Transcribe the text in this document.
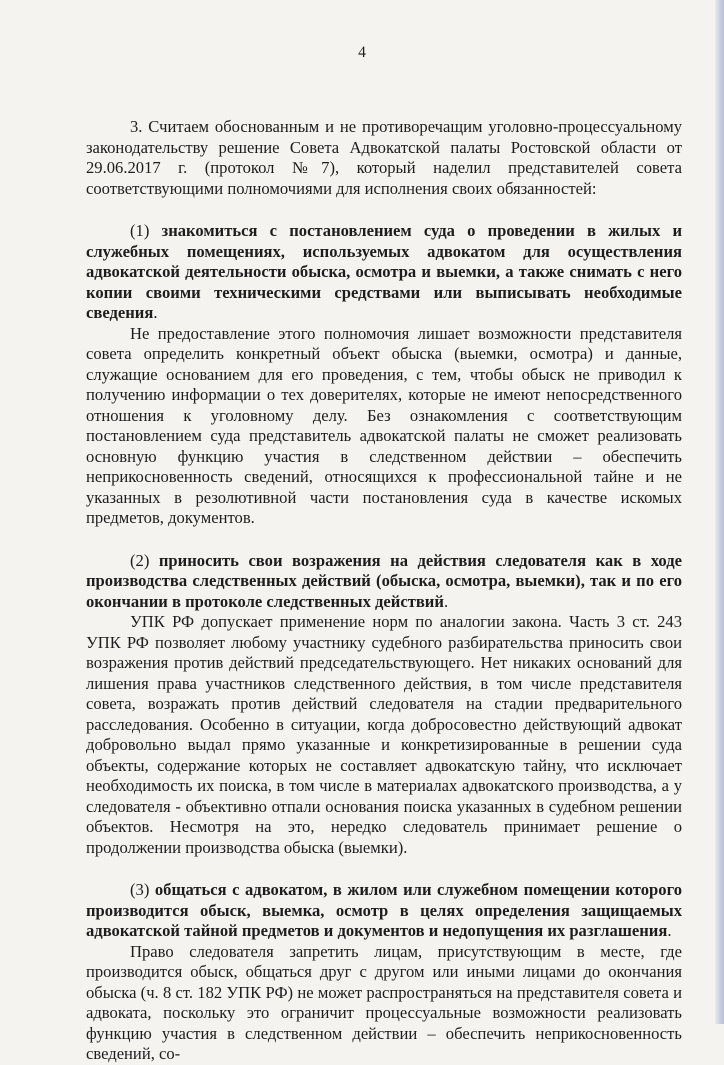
4

3. Считаем обоснованным и не противоречащим уголовно-процессуальному законодательству решение Совета Адвокатской палаты Ростовской области от 29.06.2017 г. (протокол №7), который наделил представителей совета соответствующими полномочиями для исполнения своих обязанностей:

(1) знакомиться с постановлением суда о проведении в жилых и служебных помещениях, используемых адвокатом для осуществления адвокатской деятельности обыска, осмотра и выемки, а также снимать с него копии своими техническими средствами или выписывать необходимые сведения.

Не предоставление этого полномочия лишает возможности представителя совета определить конкретный объект обыска (выемки, осмотра) и данные, служащие основанием для его проведения, с тем, чтобы обыск не приводил к получению информации о тех доверителях, которые не имеют непосредственного отношения к уголовному делу. Без ознакомления с соответствующим постановлением суда представитель адвокатской палаты не сможет реализовать основную функцию участия в следственном действии – обеспечить неприкосновенность сведений, относящихся к профессиональной тайне и не указанных в резолютивной части постановления суда в качестве искомых предметов, документов.

(2) приносить свои возражения на действия следователя как в ходе производства следственных действий (обыска, осмотра, выемки), так и по его окончании в протоколе следственных действий.

УПК РФ допускает применение норм по аналогии закона. Часть 3 ст. 243 УПК РФ позволяет любому участнику судебного разбирательства приносить свои возражения против действий председательствующего. Нет никаких оснований для лишения права участников следственного действия, в том числе представителя совета, возражать против действий следователя на стадии предварительного расследования. Особенно в ситуации, когда добросовестно действующий адвокат добровольно выдал прямо указанные и конкретизированные в решении суда объекты, содержание которых не составляет адвокатскую тайну, что исключает необходимость их поиска, в том числе в материалах адвокатского производства, а у следователя - объективно отпали основания поиска указанных в судебном решении объектов. Несмотря на это, нередко следователь принимает решение о продолжении производства обыска (выемки).

(3) общаться с адвокатом, в жилом или служебном помещении которого производится обыск, выемка, осмотр в целях определения защищаемых адвокатской тайной предметов и документов и недопущения их разглашения.

Право следователя запретить лицам, присутствующим в месте, где производится обыск, общаться друг с другом или иными лицами до окончания обыска (ч. 8 ст. 182 УПК РФ) не может распространяться на представителя совета и адвоката, поскольку это ограничит процессуальные возможности реализовать функцию участия в следственном действии – обеспечить неприкосновенность сведений, со-
